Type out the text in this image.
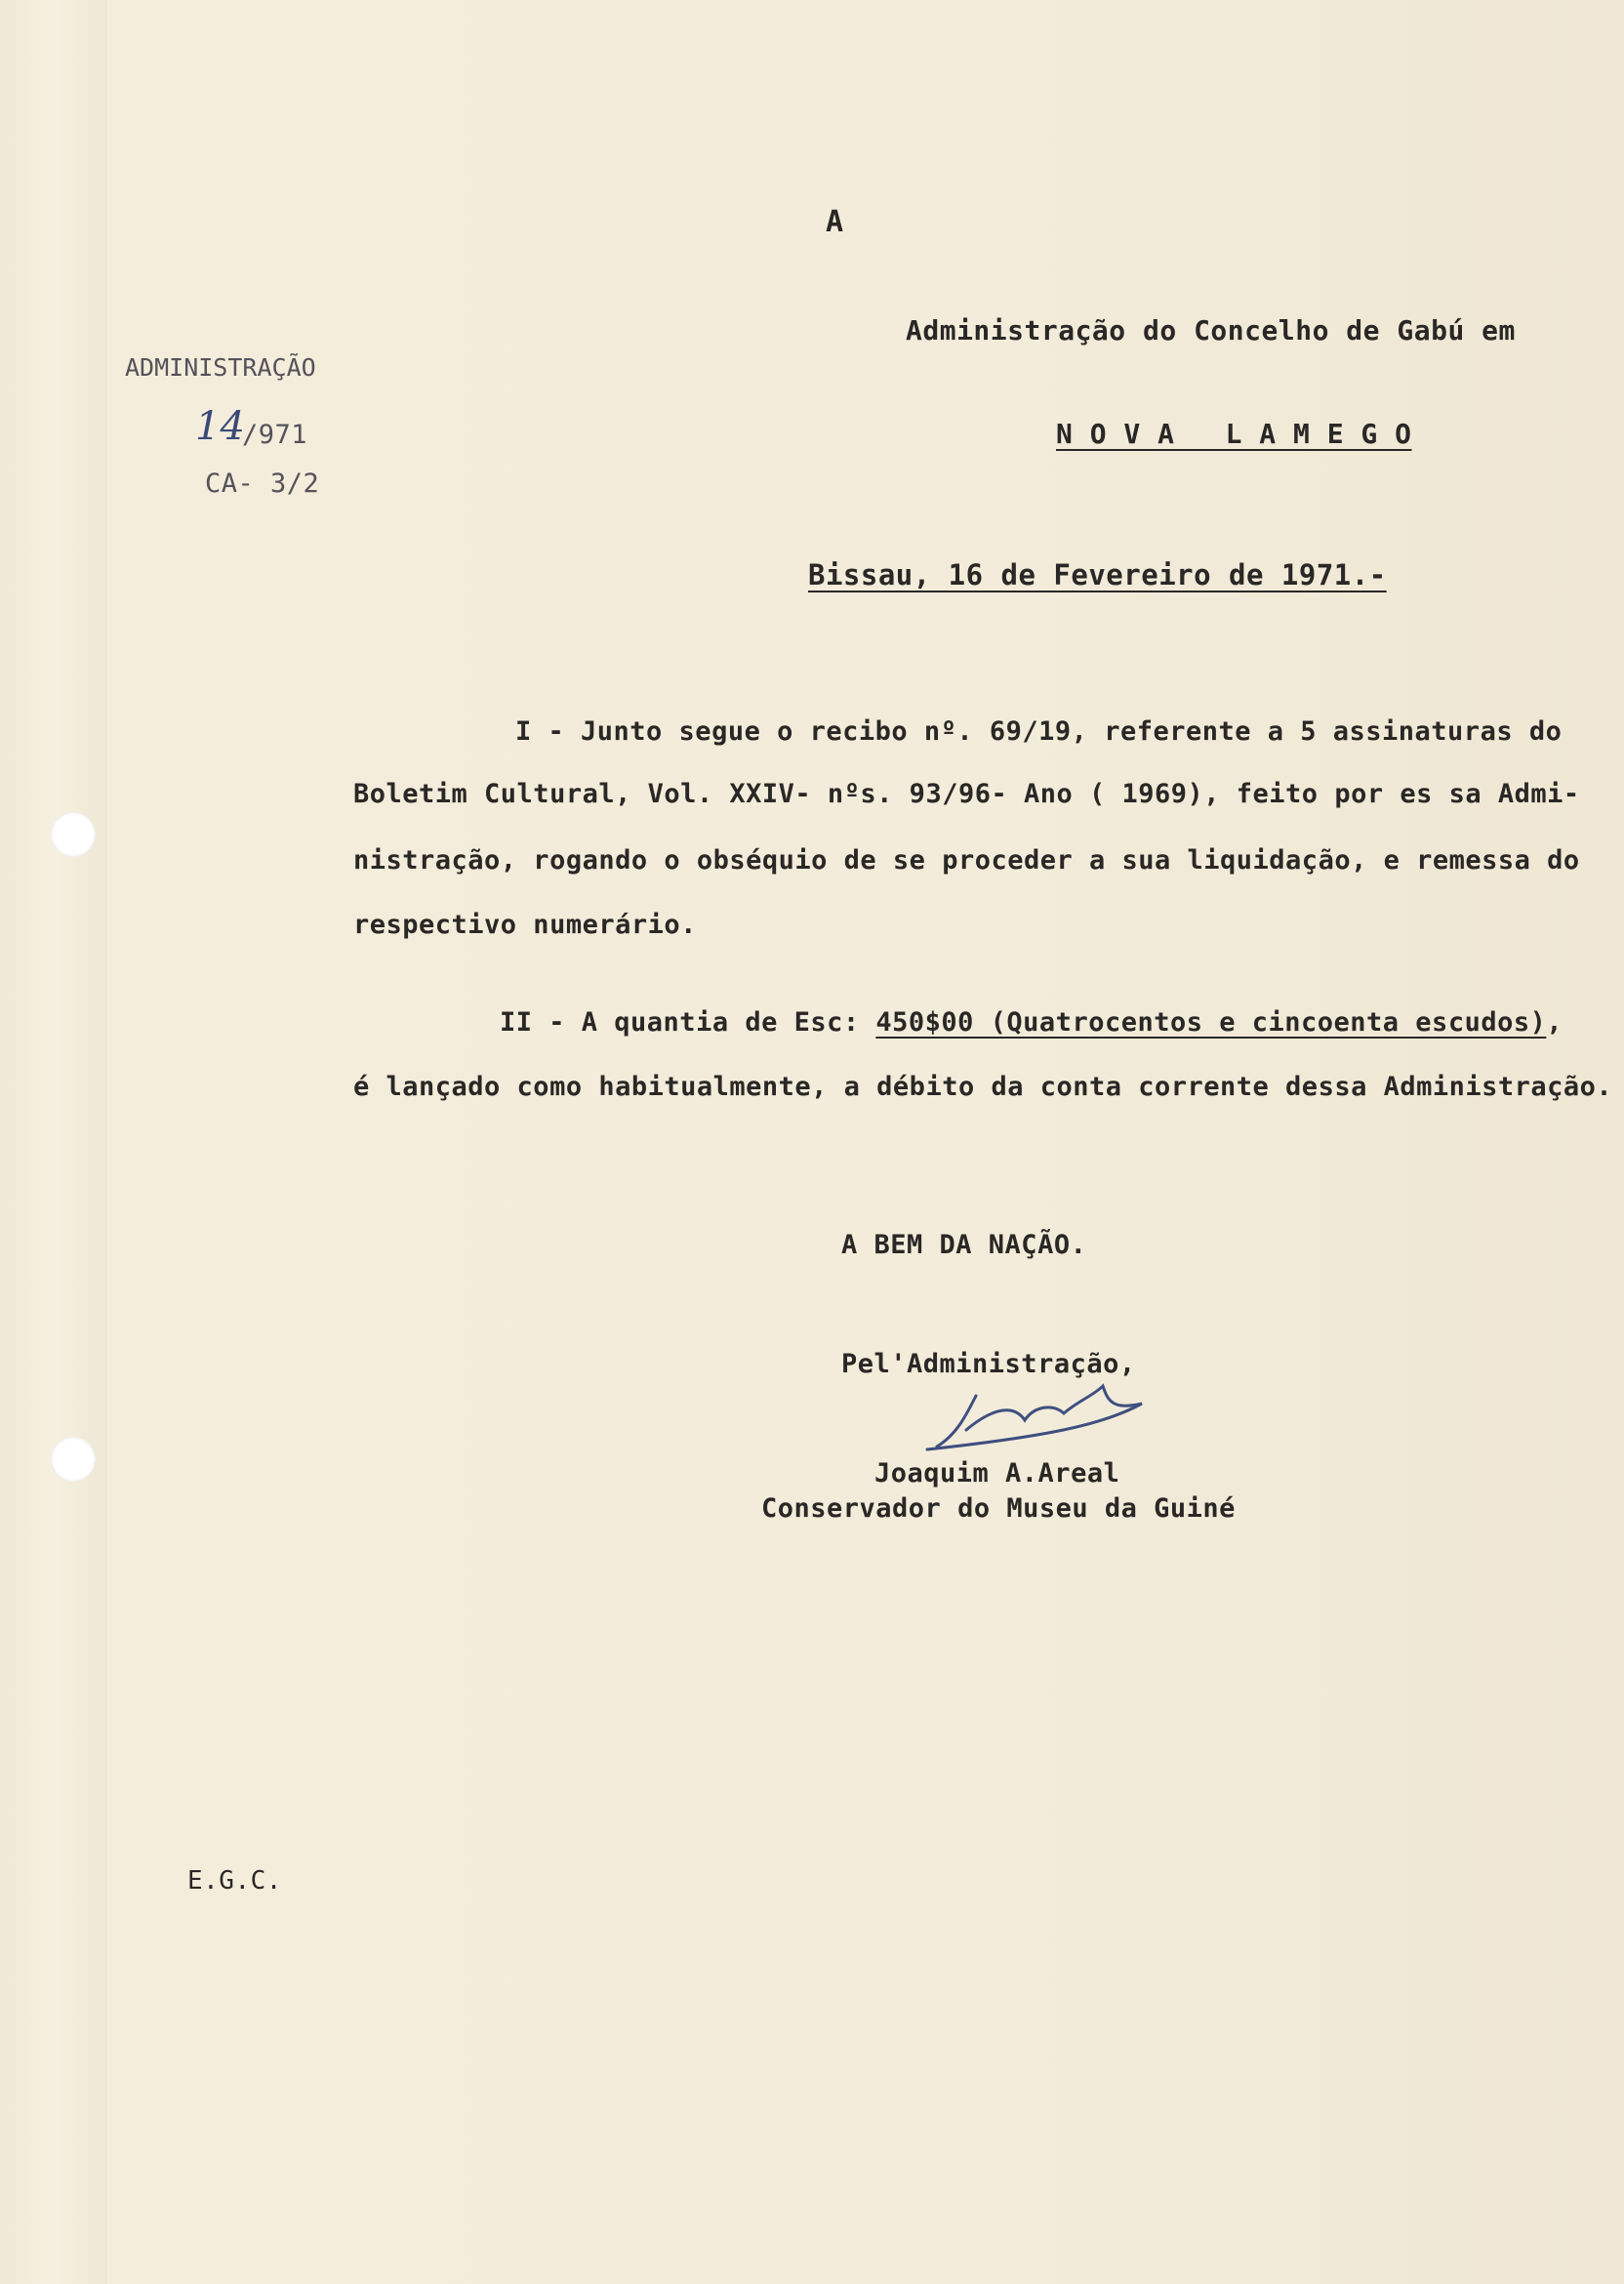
ADMINISTRAÇÃO
14
/971
CA- 3/2
A
Administração do Concelho de Gabú em
N O V A   L A M E G O
Bissau, 16 de Fevereiro de 1971.-
I - Junto segue o recibo nº. 69/19, referente a 5 assinaturas do
Boletim Cultural, Vol. XXIV- nºs. 93/96- Ano ( 1969), feito por es sa Admi-
nistração, rogando o obséquio de se proceder a sua liquidação, e remessa do
respectivo numerário.
II - A quantia de Esc: 450$00 (Quatrocentos e cincoenta escudos),
é lançado como habitualmente, a débito da conta corrente dessa Administração.
A BEM DA NAÇÃO.
Pel'Administração,
Joaquim A.Areal
Conservador do Museu da Guiné
E.G.C.
